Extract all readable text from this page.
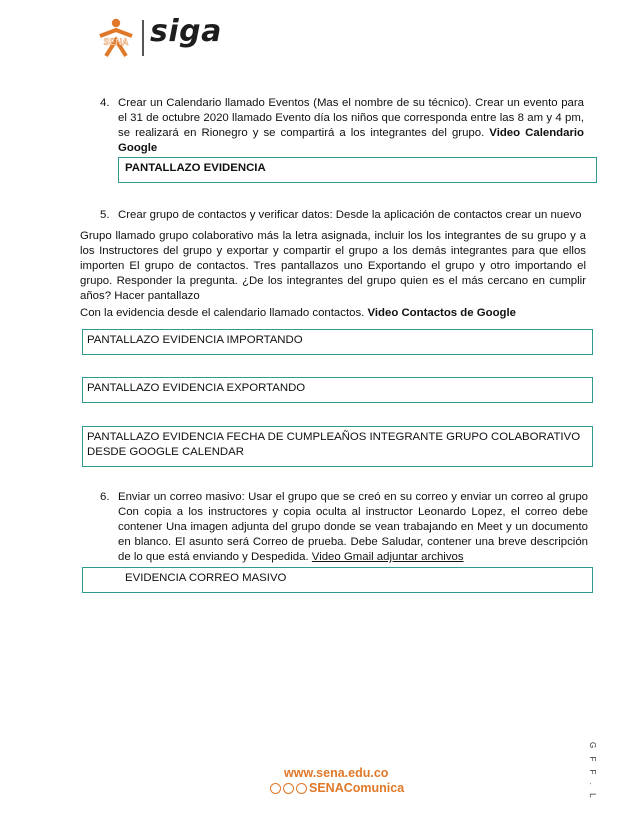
SENA siga
4. Crear un Calendario llamado Eventos (Mas el nombre de su técnico). Crear un evento para el 31 de octubre 2020 llamado Evento día los niños que corresponda entre las 8 am y 4 pm, se realizará en Rionegro y se compartirá a los integrantes del grupo. Video Calendario Google

PANTALLAZO EVIDENCIA
5. Crear grupo de contactos y verificar datos: Desde la aplicación de contactos crear un nuevo

Grupo llamado grupo colaborativo más la letra asignada, incluir los los integrantes de su grupo y a los Instructores del grupo y exportar y compartir el grupo a los demás integrantes para que ellos importen El grupo de contactos. Tres pantallazos uno Exportando el grupo y otro importando el grupo. Responder la pregunta. ¿De los integrantes del grupo quien es el más cercano en cumplir años? Hacer pantallazo

Con la evidencia desde el calendario llamado contactos. Video Contactos de Google

PANTALLAZO EVIDENCIA IMPORTANDO
PANTALLAZO EVIDENCIA EXPORTANDO
PANTALLAZO EVIDENCIA FECHA DE CUMPLEAÑOS INTEGRANTE GRUPO COLABORATIVO DESDE GOOGLE CALENDAR
6. Enviar un correo masivo: Usar el grupo que se creó en su correo y enviar un correo al grupo Con copia a los instructores y copia oculta al instructor Leonardo Lopez, el correo debe contener Una imagen adjunta del grupo donde se vean trabajando en Meet y un documento en blanco. El asunto será Correo de prueba. Debe Saludar, contener una breve descripción de lo que está enviando y Despedida. Video Gmail adjuntar archivos

EVIDENCIA CORREO MASIVO
G F F . L
www.sena.edu.co
SENAComunica
